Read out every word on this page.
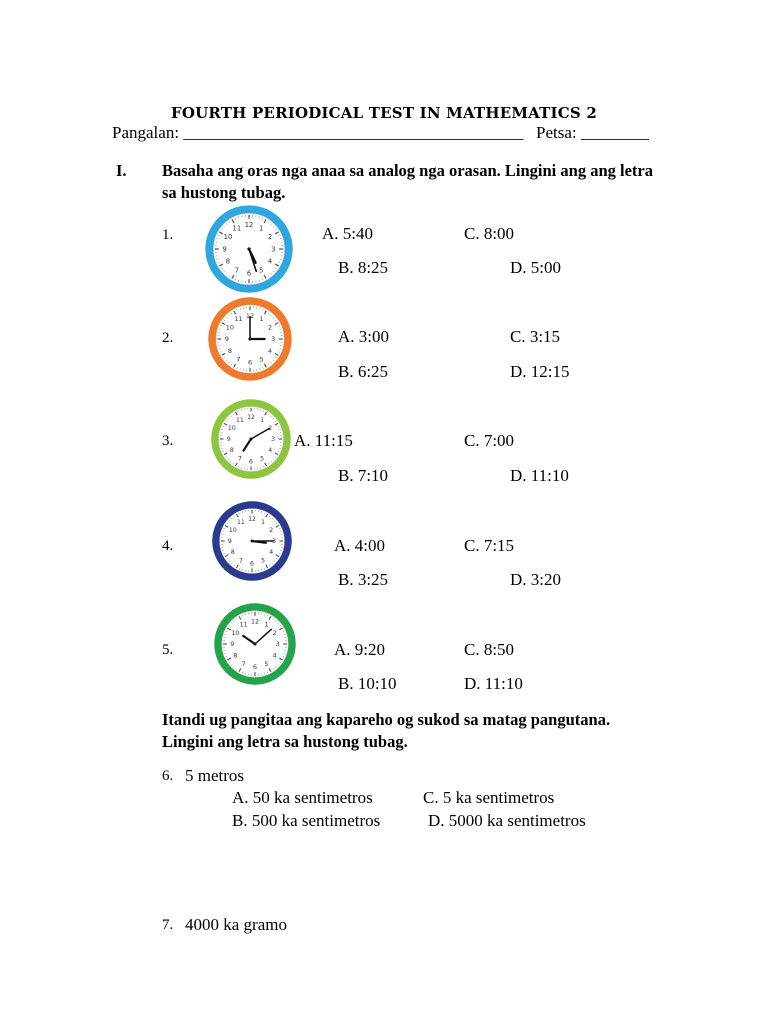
FOURTH PERIODICAL TEST IN MATHEMATICS 2
Pangalan: ________________________________________ Petsa: ________
I. Basaha ang oras nga anaa sa analog nga orasan. Lingini ang ang letra
sa hustong tubag.
1.	1
2
3
4
5
6
7
8
9
10
11 12	A. 5:40	C. 8:00
B. 8:25	D. 5:00
2.
1
2
3
4
5
6
7
8
9
10
11 12
A. 3:00	C. 3:15
B. 6:25	D. 12:15
3.
1
2
3
4
5
6
7
8
9
10
11 12
A. 11:15	C. 7:00
B. 7:10	D. 11:10
4.
1
2
3
4
5
6
7
8
9
10
11 12
A. 4:00	C. 7:15
B. 3:25	D. 3:20
5.
1
2
3
4
5
6
7
8
9
10
11 12
A. 9:20	C. 8:50
B. 10:10	D. 11:10
Itandi ug pangitaa ang kapareho og sukod sa matag pangutana.
Lingini ang letra sa hustong tubag.
6. 5 metros
A. 50 ka sentimetros	C. 5 ka sentimetros
B. 500 ka sentimetros	D. 5000 ka sentimetros
7. 4000 ka gramo
